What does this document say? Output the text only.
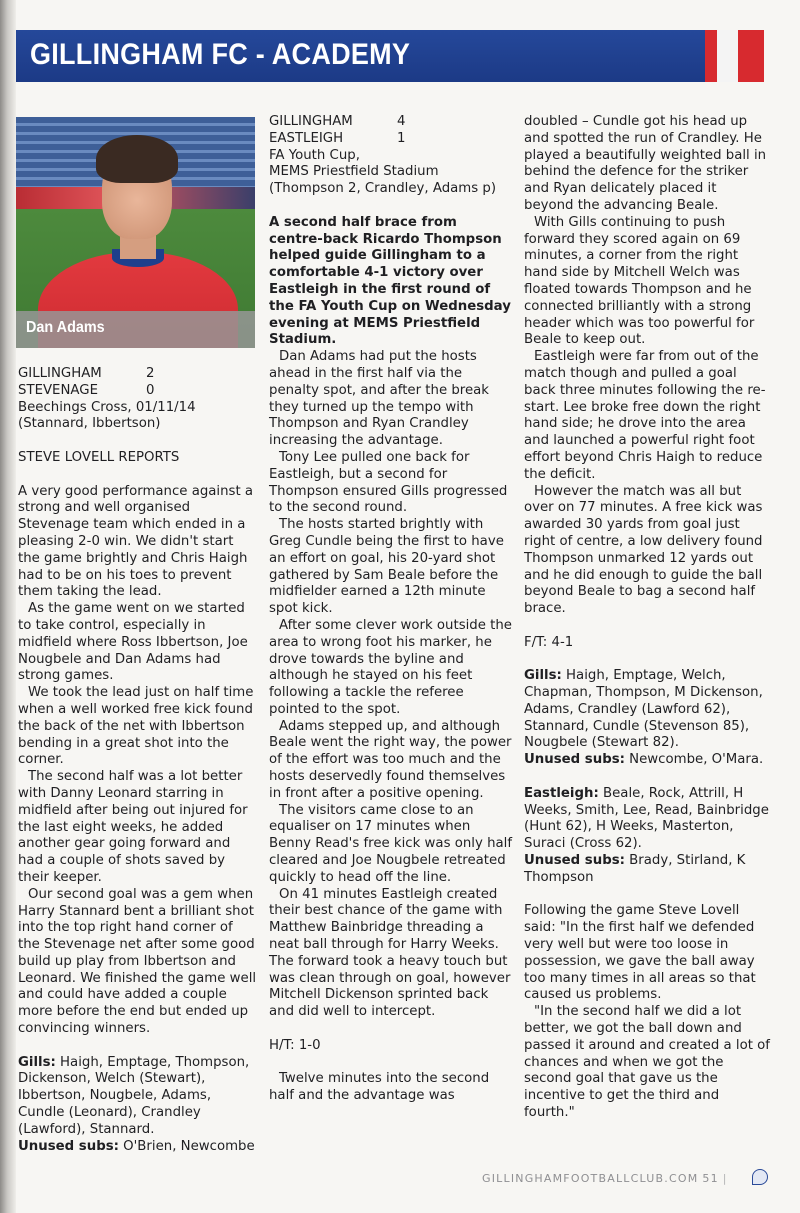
GILLINGHAM FC - ACADEMY
Dan Adams
GILLINGHAM	2
STEVENAGE	0

Beechings Cross, 01/11/14

(Stannard, Ibbertson)

STEVE LOVELL REPORTS

A very good performance against a strong and well organised Stevenage team which ended in a pleasing 2-0 win. We didn't start the game brightly and Chris Haigh had to be on his toes to prevent them taking the lead.

As the game went on we started to take control, especially in midfield where Ross Ibbertson, Joe Nougbele and Dan Adams had strong games.

We took the lead just on half time when a well worked free kick found the back of the net with Ibbertson bending in a great shot into the corner.

The second half was a lot better with Danny Leonard starring in midfield after being out injured for the last eight weeks, he added another gear going forward and had a couple of shots saved by their keeper.

Our second goal was a gem when Harry Stannard bent a brilliant shot into the top right hand corner of the Stevenage net after some good build up play from Ibbertson and Leonard. We finished the game well and could have added a couple more before the end but ended up convincing winners.

Gills: Haigh, Emptage, Thompson, Dickenson, Welch (Stewart), Ibbertson, Nougbele, Adams, Cundle (Leonard), Crandley (Lawford), Stannard.

Unused subs: O'Brien, Newcombe

GILLINGHAM	4
EASTLEIGH	1

FA Youth Cup,

MEMS Priestfield Stadium

(Thompson 2, Crandley, Adams p)

A second half brace from centre-back Ricardo Thompson helped guide Gillingham to a comfortable 4-1 victory over Eastleigh in the first round of the FA Youth Cup on Wednesday evening at MEMS Priestfield Stadium.

Dan Adams had put the hosts ahead in the first half via the penalty spot, and after the break they turned up the tempo with Thompson and Ryan Crandley increasing the advantage.

Tony Lee pulled one back for Eastleigh, but a second for Thompson ensured Gills progressed to the second round.

The hosts started brightly with Greg Cundle being the first to have an effort on goal, his 20-yard shot gathered by Sam Beale before the midfielder earned a 12th minute spot kick.

After some clever work outside the area to wrong foot his marker, he drove towards the byline and although he stayed on his feet following a tackle the referee pointed to the spot.

Adams stepped up, and although Beale went the right way, the power of the effort was too much and the hosts deservedly found themselves in front after a positive opening.

The visitors came close to an equaliser on 17 minutes when Benny Read's free kick was only half cleared and Joe Nougbele retreated quickly to head off the line.

On 41 minutes Eastleigh created their best chance of the game with Matthew Bainbridge threading a neat ball through for Harry Weeks. The forward took a heavy touch but was clean through on goal, however Mitchell Dickenson sprinted back and did well to intercept.

H/T: 1-0

Twelve minutes into the second half and the advantage was

doubled – Cundle got his head up and spotted the run of Crandley. He played a beautifully weighted ball in behind the defence for the striker and Ryan delicately placed it beyond the advancing Beale.

With Gills continuing to push forward they scored again on 69 minutes, a corner from the right hand side by Mitchell Welch was floated towards Thompson and he connected brilliantly with a strong header which was too powerful for Beale to keep out.

Eastleigh were far from out of the match though and pulled a goal back three minutes following the re-start. Lee broke free down the right hand side; he drove into the area and launched a powerful right foot effort beyond Chris Haigh to reduce the deficit.

However the match was all but over on 77 minutes. A free kick was awarded 30 yards from goal just right of centre, a low delivery found Thompson unmarked 12 yards out and he did enough to guide the ball beyond Beale to bag a second half brace.

F/T: 4-1

Gills: Haigh, Emptage, Welch, Chapman, Thompson, M Dickenson, Adams, Crandley (Lawford 62), Stannard, Cundle (Stevenson 85), Nougbele (Stewart 82).

Unused subs: Newcombe, O'Mara.

Eastleigh: Beale, Rock, Attrill, H Weeks, Smith, Lee, Read, Bainbridge (Hunt 62), H Weeks, Masterton, Suraci (Cross 62).

Unused subs: Brady, Stirland, K Thompson

Following the game Steve Lovell said: "In the first half we defended very well but were too loose in possession, we gave the ball away too many times in all areas so that caused us problems.

"In the second half we did a lot better, we got the ball down and passed it around and created a lot of chances and when we got the second goal that gave us the incentive to get the third and fourth."

GILLINGHAMFOOTBALLCLUB.COM 51 |
